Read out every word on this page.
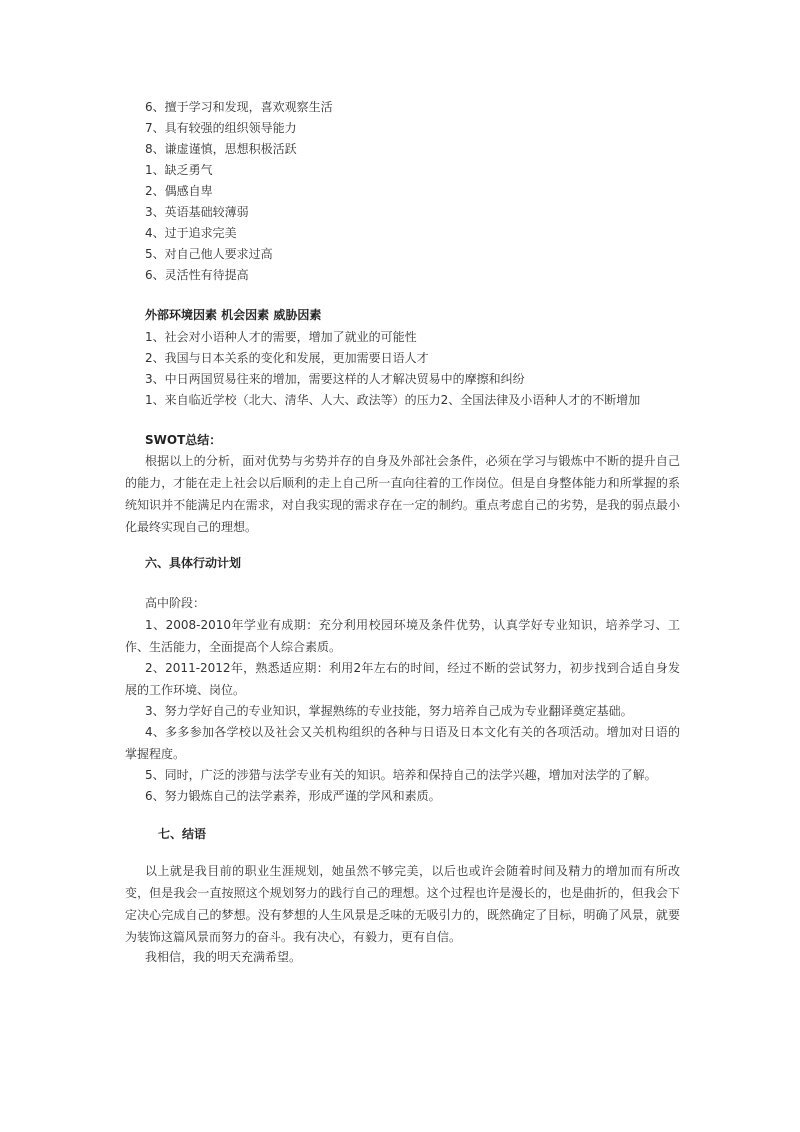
6、擅于学习和发现，喜欢观察生活
7、具有较强的组织领导能力
8、谦虚谨慎，思想积极活跃
1、缺乏勇气
2、偶感自卑
3、英语基础较薄弱
4、过于追求完美
5、对自己他人要求过高
6、灵活性有待提高
外部环境因素 机会因素 威胁因素
1、社会对小语种人才的需要，增加了就业的可能性
2、我国与日本关系的变化和发展，更加需要日语人才
3、中日两国贸易往来的增加，需要这样的人才解决贸易中的摩擦和纠纷
1、来自临近学校（北大、清华、人大、政法等）的压力2、全国法律及小语种人才的不断增加
SWOT总结：
根据以上的分析，面对优势与劣势并存的自身及外部社会条件，必须在学习与锻炼中不断的提升自己的能力，才能在走上社会以后顺利的走上自己所一直向往着的工作岗位。但是自身整体能力和所掌握的系统知识并不能满足内在需求，对自我实现的需求存在一定的制约。重点考虑自己的劣势，是我的弱点最小化最终实现自己的理想。
六、具体行动计划
高中阶段：
1、2008-2010年学业有成期：充分利用校园环境及条件优势，认真学好专业知识，培养学习、工作、生活能力，全面提高个人综合素质。
2、2011-2012年，熟悉适应期：利用2年左右的时间，经过不断的尝试努力，初步找到合适自身发展的工作环境、岗位。
3、努力学好自己的专业知识，掌握熟练的专业技能，努力培养自己成为专业翻译奠定基础。
4、多多参加各学校以及社会又关机构组织的各种与日语及日本文化有关的各项活动。增加对日语的掌握程度。
5、同时，广泛的涉猎与法学专业有关的知识。培养和保持自己的法学兴趣，增加对法学的了解。
6、努力锻炼自己的法学素养，形成严谨的学风和素质。
七、结语
以上就是我目前的职业生涯规划，她虽然不够完美，以后也或许会随着时间及精力的增加而有所改变，但是我会一直按照这个规划努力的践行自己的理想。这个过程也许是漫长的，也是曲折的，但我会下定决心完成自己的梦想。没有梦想的人生风景是乏味的无吸引力的，既然确定了目标，明确了风景，就要为装饰这篇风景而努力的奋斗。我有决心，有毅力，更有自信。
我相信，我的明天充满希望。
